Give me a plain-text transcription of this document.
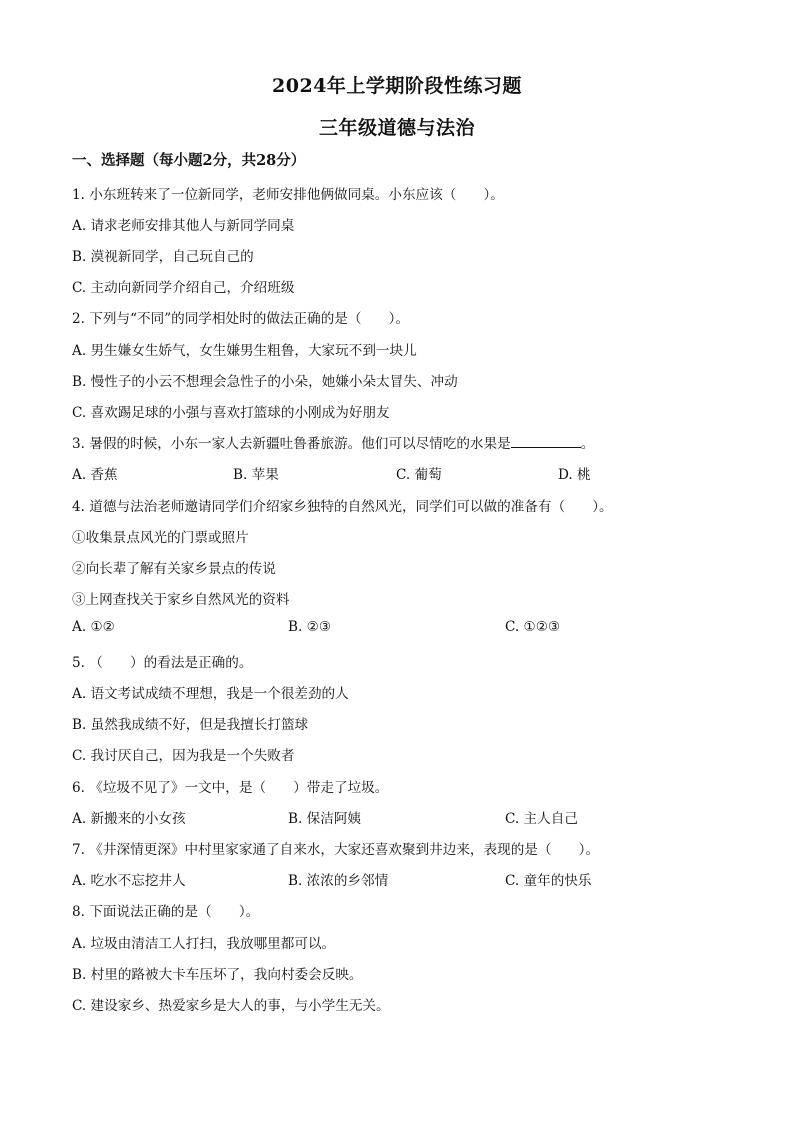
2024年上学期阶段性练习题
三年级道德与法治
一、选择题（每小题2分，共28分）
1. 小东班转来了一位新同学，老师安排他俩做同桌。小东应该（　　）。
A. 请求老师安排其他人与新同学同桌
B. 漠视新同学，自己玩自己的
C. 主动向新同学介绍自己，介绍班级
2. 下列与“不同”的同学相处时的做法正确的是（　　）。
A. 男生嫌女生娇气，女生嫌男生粗鲁，大家玩不到一块儿
B. 慢性子的小云不想理会急性子的小朵，她嫌小朵太冒失、冲动
C. 喜欢踢足球的小强与喜欢打篮球的小刚成为好朋友
3. 暑假的时候，小东一家人去新疆吐鲁番旅游。他们可以尽情吃的水果是	。
A. 香蕉	B. 苹果	C. 葡萄	D. 桃
4. 道德与法治老师邀请同学们介绍家乡独特的自然风光，同学们可以做的准备有（　　）。
①收集景点风光的门票或照片
②向长辈了解有关家乡景点的传说
③上网查找关于家乡自然风光的资料
A. ①②	B. ②③	C. ①②③
5. （　　）的看法是正确的。
A. 语文考试成绩不理想，我是一个很差劲的人
B. 虽然我成绩不好，但是我擅长打篮球
C. 我讨厌自己，因为我是一个失败者
6. 《垃圾不见了》一文中，是（　　）带走了垃圾。
A. 新搬来的小女孩	B. 保洁阿姨	C. 主人自己
7. 《井深情更深》中村里家家通了自来水，大家还喜欢聚到井边来，表现的是（　　）。
A. 吃水不忘挖井人	B. 浓浓的乡邻情	C. 童年的快乐
8. 下面说法正确的是（　　）。
A. 垃圾由清洁工人打扫，我放哪里都可以。
B. 村里的路被大卡车压坏了，我向村委会反映。
C. 建设家乡、热爱家乡是大人的事，与小学生无关。
